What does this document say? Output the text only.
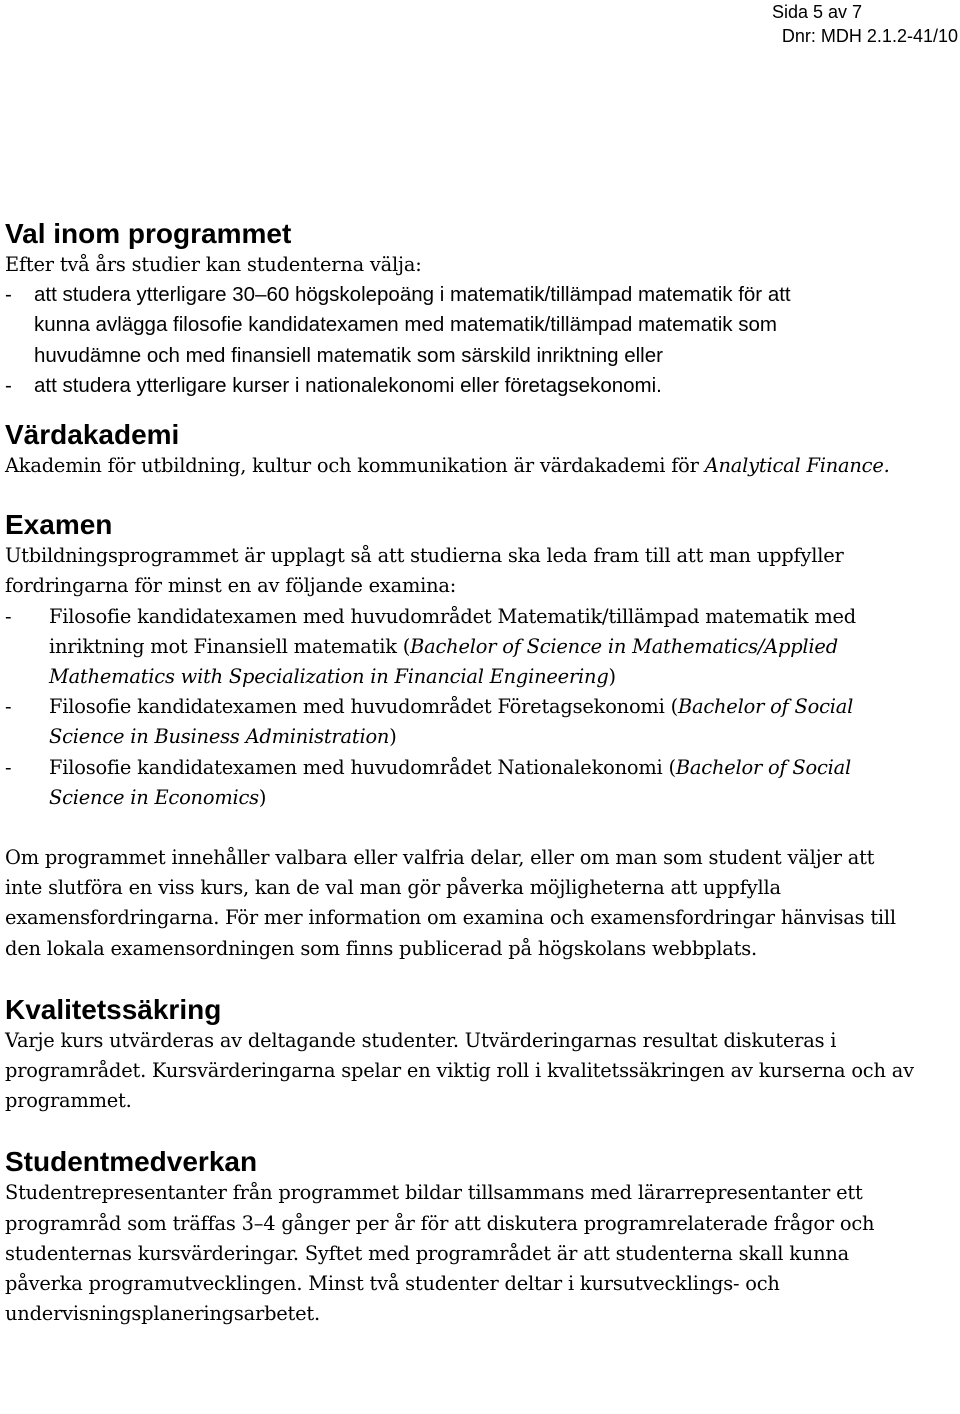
Sida 5 av 7
Dnr: MDH 2.1.2-41/10
Val inom programmet

Efter två års studier kan studenterna välja:

- att studera ytterligare 30–60 högskolepoäng i matematik/tillämpad matematik för att
kunna avlägga filosofie kandidatexamen med matematik/tillämpad matematik som
huvudämne och med finansiell matematik som särskild inriktning eller
- att studera ytterligare kurser i nationalekonomi eller företagsekonomi.
Värdakademi

Akademin för utbildning, kultur och kommunikation är värdakademi för Analytical Finance.

Examen
Utbildningsprogrammet är upplagt så att studierna ska leda fram till att man uppfyller
fordringarna för minst en av följande examina:
- Filosofie kandidatexamen med huvudområdet Matematik/tillämpad matematik med
inriktning mot Finansiell matematik (Bachelor of Science in Mathematics/Applied
Mathematics with Specialization in Financial Engineering)
- Filosofie kandidatexamen med huvudområdet Företagsekonomi (Bachelor of Social
Science in Business Administration)
- Filosofie kandidatexamen med huvudområdet Nationalekonomi (Bachelor of Social
Science in Economics)
Om programmet innehåller valbara eller valfria delar, eller om man som student väljer att
inte slutföra en viss kurs, kan de val man gör påverka möjligheterna att uppfylla
examensfordringarna. För mer information om examina och examensfordringar hänvisas till
den lokala examensordningen som finns publicerad på högskolans webbplats.
Kvalitetssäkring
Varje kurs utvärderas av deltagande studenter. Utvärderingarnas resultat diskuteras i
programrådet. Kursvärderingarna spelar en viktig roll i kvalitetssäkringen av kurserna och av
programmet.
Studentmedverkan
Studentrepresentanter från programmet bildar tillsammans med lärarrepresentanter ett
programråd som träffas 3–4 gånger per år för att diskutera programrelaterade frågor och
studenternas kursvärderingar. Syftet med programrådet är att studenterna skall kunna
påverka programutvecklingen. Minst två studenter deltar i kursutvecklings- och
undervisningsplaneringsarbetet.
